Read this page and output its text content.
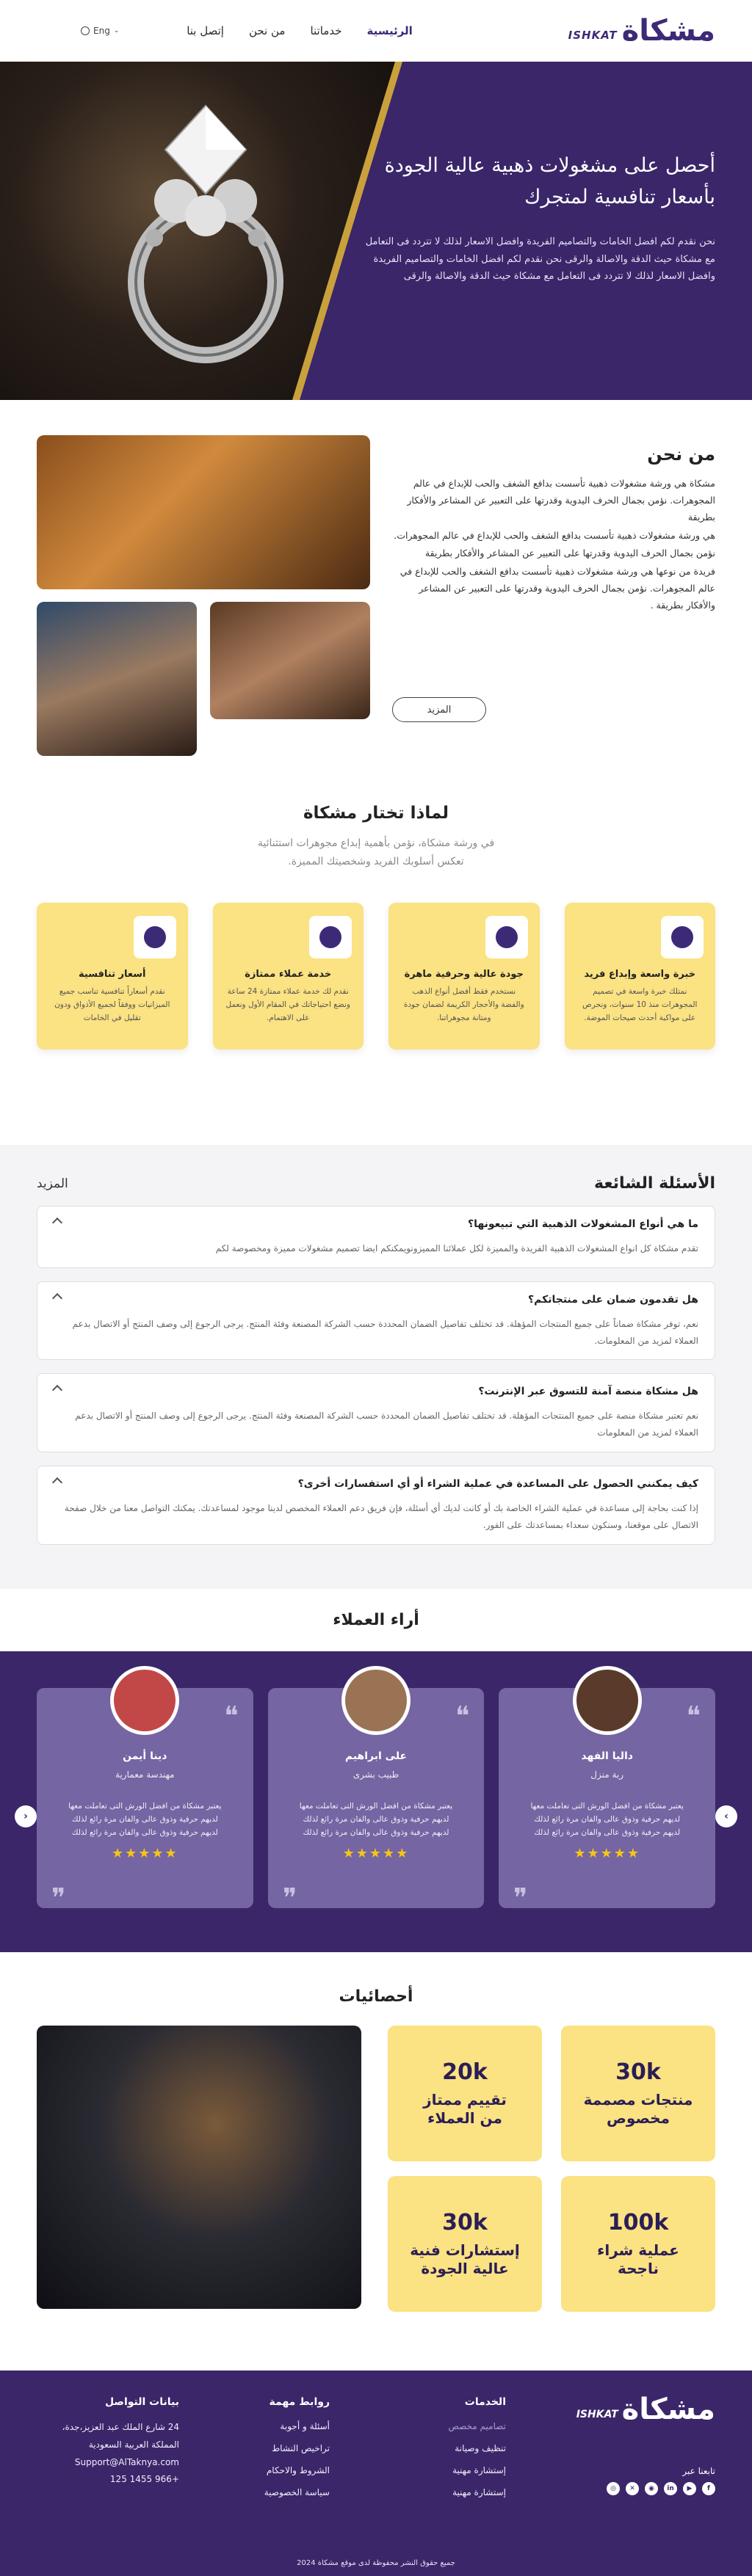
مشكاة
ISHKAT
الرئيسية
خدماتنا
من نحن
إتصل بنا
⌄
Eng
أحصل على مشغولات ذهبية عالية الجودة بأسعار تنافسية لمتجرك

نحن نقدم لكم افضل الخامات والتصاميم الفريدة وافضل الاسعار لذلك لا تتردد فى التعامل مع مشكاة حيث الدقة والاصالة والرقى نحن نقدم لكم افضل الخامات والتصاميم الفريدة وافضل الاسعار لذلك لا تتردد فى التعامل مع مشكاة حيث الدقة والاصالة والرقى

من نحن

مشكاة هي ورشة مشغولات ذهبية تأسست بدافع الشغف والحب للإبداع في عالم المجوهرات. نؤمن بجمال الحرف اليدوية وقدرتها على التعبير عن المشاعر والأفكار بطريقة

هي ورشة مشغولات ذهبية تأسست بدافع الشغف والحب للإبداع في عالم المجوهرات. نؤمن بجمال الحرف اليدوية وقدرتها على التعبير عن المشاعر والأفكار بطريقة

فريدة من نوعها هي ورشة مشغولات ذهبية تأسست بدافع الشغف والحب للإبداع في عالم المجوهرات. نؤمن بجمال الحرف اليدوية وقدرتها على التعبير عن المشاعر والأفكار بطريقة .

المزيد
لماذا تختار مشكاة
في ورشة مشكاة، نؤمن بأهمية إبداع مجوهرات استثنائية
تعكس أسلوبك الفريد وشخصيتك المميزة.
خبرة واسعة وإبداع فريد

نمتلك خبرة واسعة في تصميم المجوهرات منذ 10 سنوات، ونحرص على مواكبة أحدث صيحات الموضة.

جودة عالية وحرفية ماهرة

نستخدم فقط أفضل أنواع الذهب والفضة والأحجار الكريمة لضمان جودة ومتانة مجوهراتنا.

خدمة عملاء ممتازة

نقدم لك خدمة عملاء ممتازة 24 ساعة ونضع احتياجاتك في المقام الأول ونعمل على الاهتمام.

أسعار تنافسية

نقدم أسعاراً تنافسية تناسب جميع الميزانيات ووفقاً لجميع الأذواق ودون تقليل في الخامات

الأسئلة الشائعة
المزيد
ما هي أنواع المشغولات الذهبية التي تبيعونها؟
تقدم مشكاة كل انواع المشغولات الذهبية الفريدة والمميزة لكل عملائنا المميزونويمكنكم ايضا تصميم مشغولات مميزة ومخصوصة لكم
هل تقدمون ضمان على منتجاتكم؟
نعم، توفر مشكاة ضماناً على جميع المنتجات المؤهلة. قد تختلف تفاصيل الضمان المحددة حسب الشركة المصنعة وفئة المنتج. يرجى الرجوع إلى وصف المنتج أو الاتصال بدعم العملاء لمزيد من المعلومات.
هل مشكاة منصة آمنة للتسوق عبر الإنترنت؟
نعم تعتبر مشكاة منصة على جميع المنتجات المؤهلة. قد تختلف تفاصيل الضمان المحددة حسب الشركة المصنعة وفئة المنتج. يرجى الرجوع إلى وصف المنتج أو الاتصال بدعم العملاء لمزيد من المعلومات
كيف يمكنني الحصول على المساعدة في عملية الشراء أو أي استفسارات أخرى؟
إذا كنت بحاجة إلى مساعدة في عملية الشراء الخاصة بك أو كانت لديك أي أسئلة، فإن فريق دعم العملاء المخصص لدينا موجود لمساعدتك. يمكنك التواصل معنا من خلال صفحة الاتصال على موقعنا، وسنكون سعداء بمساعدتك على الفور.
أراء العملاء
›
‹
❝
داليا الفهد
ربة منزل
يعتبر مشكاة من افضل الورش التى تعاملت معها لديهم حرفية وذوق عالى والفان مرة رائع لذلك لديهم حرفية وذوق عالى والفان مرة رائع لذلك
★★★★★
❝
❝
على ابراهيم
طبيب بشرى
يعتبر مشكاة من افضل الورش التى تعاملت معها لديهم حرفية وذوق عالى والفان مرة رائع لذلك لديهم حرفية وذوق عالى والفان مرة رائع لذلك
★★★★★
❝
❝
دينا أيمن
مهندسة معمارية
يعتبر مشكاة من افضل الورش التى تعاملت معها لديهم حرفية وذوق عالى والفان مرة رائع لذلك لديهم حرفية وذوق عالى والفان مرة رائع لذلك
★★★★★
❝
أحصائيات
30k
منتجات مصممة
مخصوص
20k
تقييم ممتاز
من العملاء
100k
عملية شراء
ناجحة
30k
إستشارات فنية
عالية الجودة
مشكاة
ISHKAT
تابعنا عبر
f
▶
in
◉
✕
◎
الخدمات
تصاميم مخصص
تنظيف وصيانة
إستشارة مهنية
إستشارة مهنية
روابط مهمة
أسئلة و أجوبة
تراخيص النشاط
الشروط والاحكام
سياسة الخصوصية
بيانات التواصل
24 شارع الملك عبد العزيز،جدة،
المملكة العربية السعودية
Support@AlTaknya.com
+966 1455 125
جميع حقوق النشر محفوظة لدى موقع مشكاة 2024
